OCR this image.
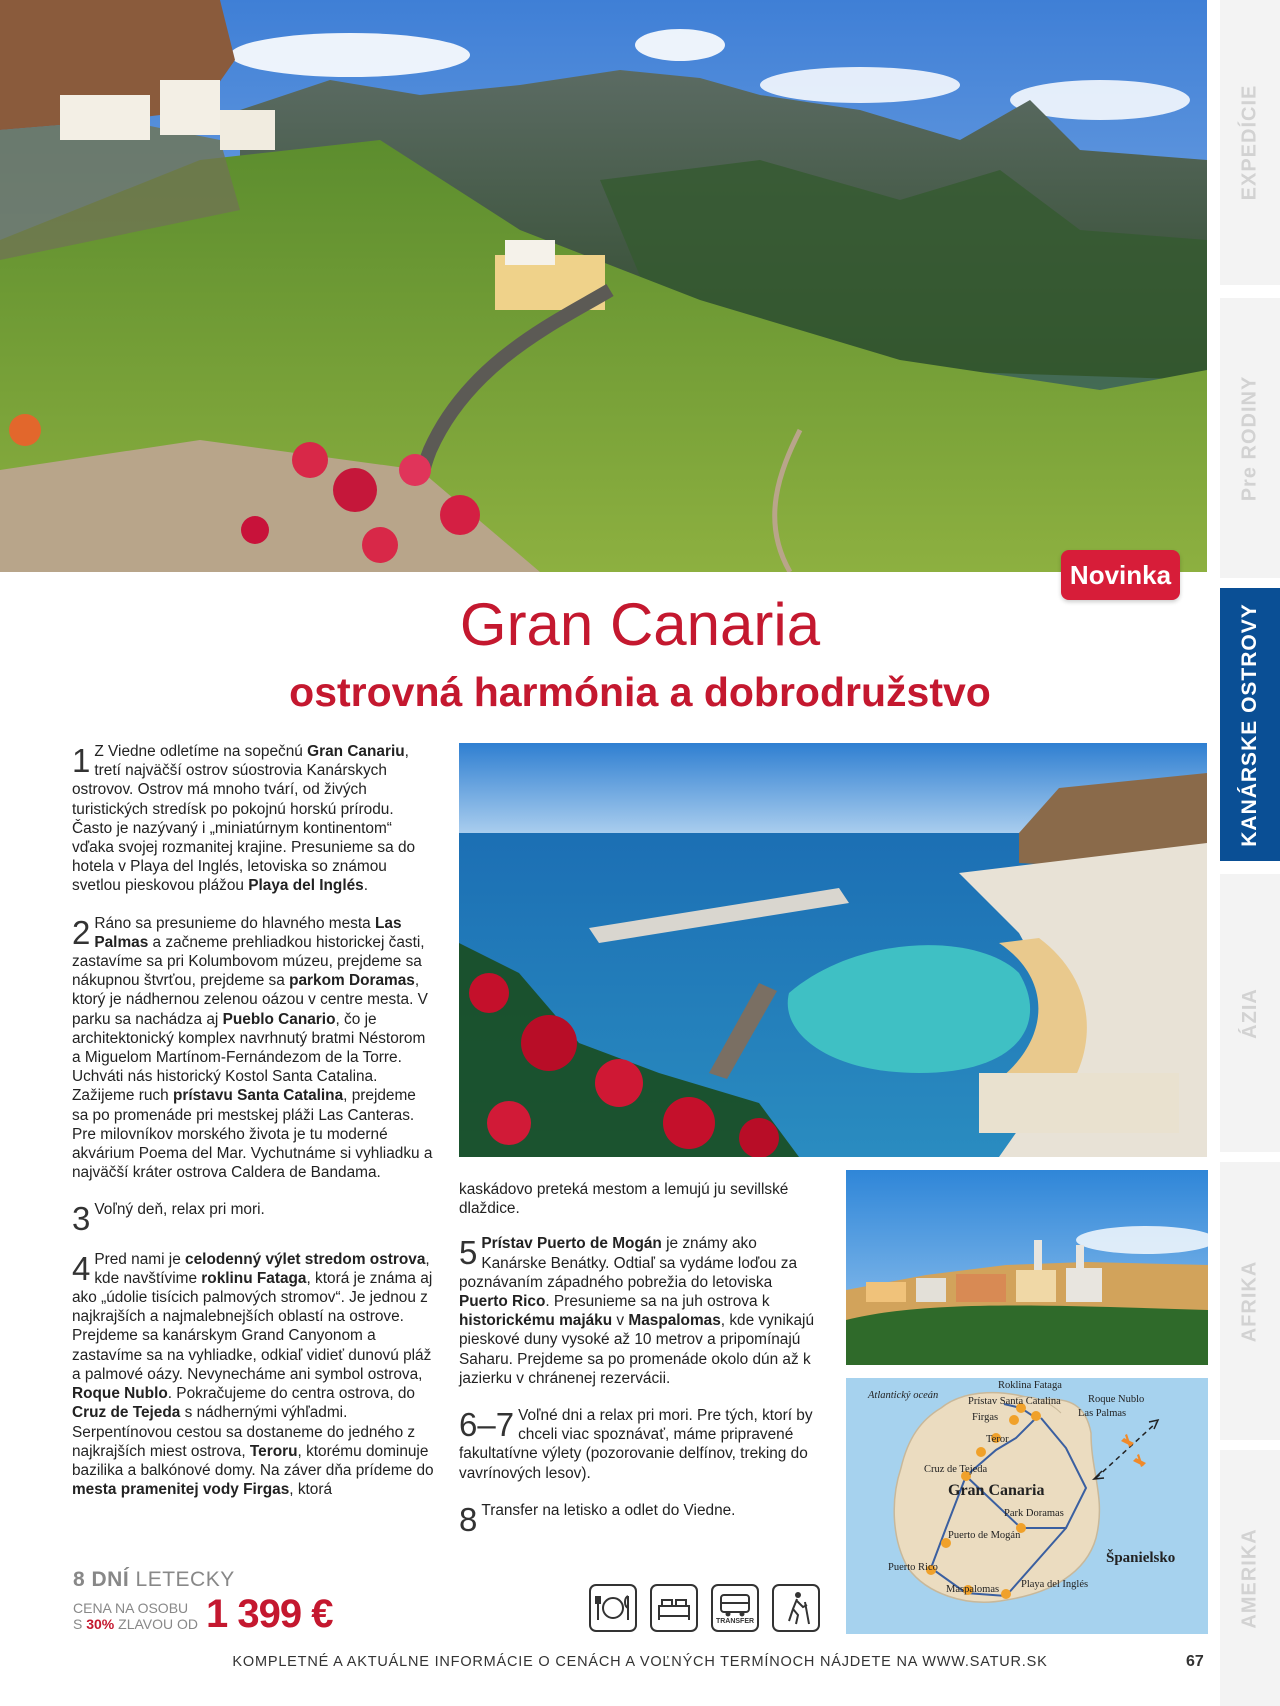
EXPEDÍCIE
Pre RODINY
KANÁRSKE OSTROVY
ÁZIA
AFRIKA
AMERIKA
Novinka
Gran Canaria
ostrovná harmónia a dobrodružstvo
1 Z Viedne odletíme na sopečnú Gran Canariu, tretí najväčší ostrov súostrovia Kanárskych ostrovov. Ostrov má mnoho tvárí, od živých turistických stredísk po pokojnú horskú prírodu. Často je nazývaný i „miniatúrnym kontinentom“ vďaka svojej rozmanitej krajine. Presunieme sa do hotela v Playa del Inglés, letoviska so známou svetlou pieskovou plážou Playa del Inglés.

2 Ráno sa presunieme do hlavného mesta Las Palmas a začneme prehliadkou historickej časti, zastavíme sa pri Kolumbovom múzeu, prejdeme sa nákupnou štvrťou, prejdeme sa parkom Doramas, ktorý je nádhernou zelenou oázou v centre mesta. V parku sa nachádza aj Pueblo Canario, čo je architektonický komplex navrhnutý bratmi Néstorom a Miguelom Martínom-Fernándezom de la Torre. Uchváti nás historický Kostol Santa Catalina. Zažijeme ruch prístavu Santa Catalina, prejdeme sa po promenáde pri mestskej pláži Las Canteras. Pre milovníkov morského života je tu moderné akvárium Poema del Mar. Vychutnáme si vyhliadku a najväčší kráter ostrova Caldera de Bandama.

3 Voľný deň, relax pri mori.

4 Pred nami je celodenný výlet stredom ostrova, kde navštívime roklinu Fataga, ktorá je známa aj ako „údolie tisícich palmových stromov“. Je jednou z najkrajších a najmalebnejších oblastí na ostrove. Prejdeme sa kanárskym Grand Canyonom a zastavíme sa na vyhliadke, odkiaľ vidieť dunovú pláž a palmové oázy. Nevynecháme ani symbol ostrova, Roque Nublo. Pokračujeme do centra ostrova, do Cruz de Tejeda s nádhernými výhľadmi. Serpentínovou cestou sa dostaneme do jedného z najkrajších miest ostrova, Teroru, ktorému dominuje bazilika a balkónové domy. Na záver dňa prídeme do mesta pramenitej vody Firgas, ktorá

kaskádovo preteká mestom a lemujú ju sevillské dlaždice.

5 Prístav Puerto de Mogán je známy ako Kanárske Benátky. Odtiaľ sa vydáme loďou za poznávaním západného pobrežia do letoviska Puerto Rico. Presunieme sa na juh ostrova k historickému majáku v Maspalomas, kde vynikajú pieskové duny vysoké až 10 metrov a pripomínajú Saharu. Prejdeme sa po promenáde okolo dún až k jazierku v chránenej rezervácii.

6–7 Voľné dni a relax pri mori. Pre tých, ktorí by chceli viac spoznávať, máme pripravené fakultatívne výlety (pozorovanie delfínov, treking do vavrínových lesov).

8 Transfer na letisko a odlet do Viedne.

Atlantický oceán
Roklina Fataga
Prístav Santa Catalina	Roque Nublo
Las Palmas
Firgas
Teror
Cruz de Tejeda
Gran Canaria
Park Doramas
Puerto de Mogán
Puerto Rico
Maspalomas Playa del Inglés
Španielsko
8 DNÍ LETECKY
CENA NA OSOBU
S 30% ZLAVOU OD 1 399 €	TRANSFER
KOMPLETNÉ A AKTUÁLNE INFORMÁCIE O CENÁCH A VOĽNÝCH TERMÍNOCH NÁJDETE NA WWW.SATUR.SK	67
